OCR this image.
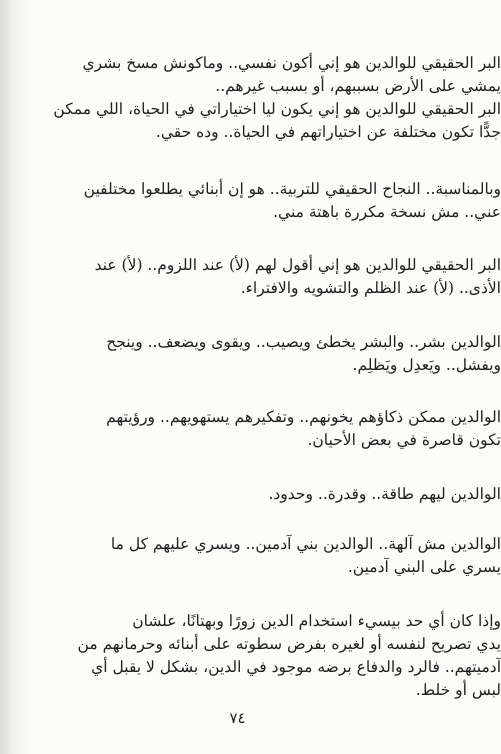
البر الحقيقي للوالدين هو إني أكون نفسي.. وماكونش مسخ بشري
يمشي على الأرض بسببهم، أو بسبب غيرهم..
البر الحقيقي للوالدين هو إني يكون ليا اختياراتي في الحياة، اللي ممكن
جدًّا تكون مختلفة عن اختياراتهم في الحياة.. وده حقي.
وبالمناسبة.. النجاح الحقيقي للتربية.. هو إن أبنائي يطلعوا مختلفين
عني.. مش نسخة مكررة باهتة مني.
البر الحقيقي للوالدين هو إني أقول لهم (لأ) عند اللزوم.. (لأ) عند
الأذى.. (لأ) عند الظلم والتشويه والافتراء.
الوالدين بشر.. والبشر يخطئ ويصيب.. ويقوى ويضعف.. وينجح
ويفشل.. ويَعدِل ويَظلِم.
الوالدين ممكن ذكاؤهم يخونهم.. وتفكيرهم يستهويهم.. ورؤيتهم
تكون قاصرة في بعض الأحيان.
الوالدين ليهم طاقة.. وقدرة.. وحدود.
الوالدين مش آلهة.. الوالدين بني آدمين.. ويسري عليهم كل ما
يسري على البني آدمين.
وإذا كان أي حد بيسيء استخدام الدين زورًا وبهتانًا، علشان
يدي تصريح لنفسه أو لغيره بفرض سطوته على أبنائه وحرمانهم من
آدميتهم.. فالرد والدفاع برضه موجود في الدين، بشكل لا يقبل أي
لبس أو خلط.
٧٤
